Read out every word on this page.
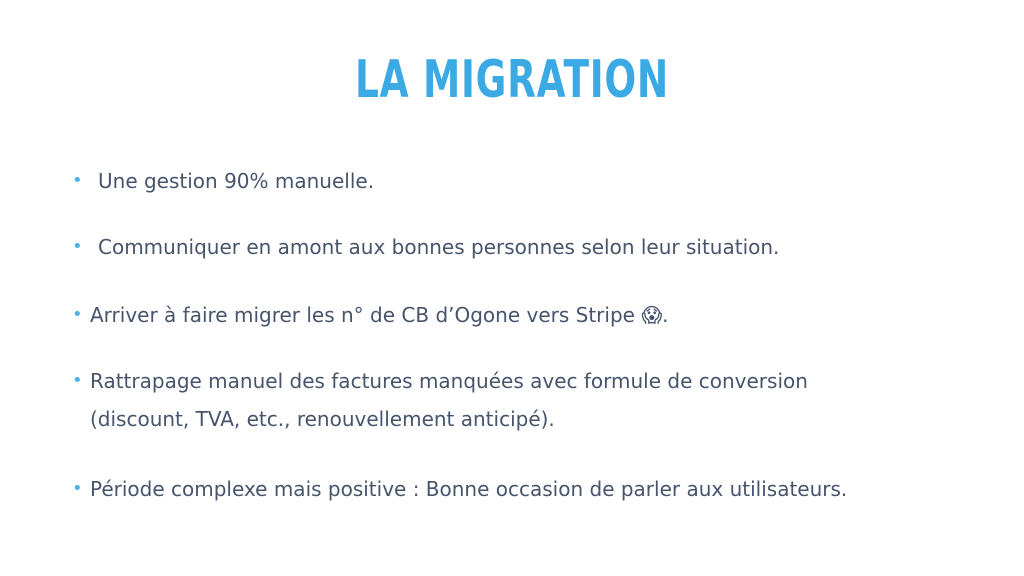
LA MIGRATION
• Une gestion 90% manuelle.
• Communiquer en amont aux bonnes personnes selon leur situation.
• Arriver à faire migrer les n° de CB d’Ogone vers Stripe 😱.
• Rattrapage manuel des factures manquées avec formule de conversion
(discount, TVA, etc., renouvellement anticipé).
• Période complexe mais positive : Bonne occasion de parler aux utilisateurs.
